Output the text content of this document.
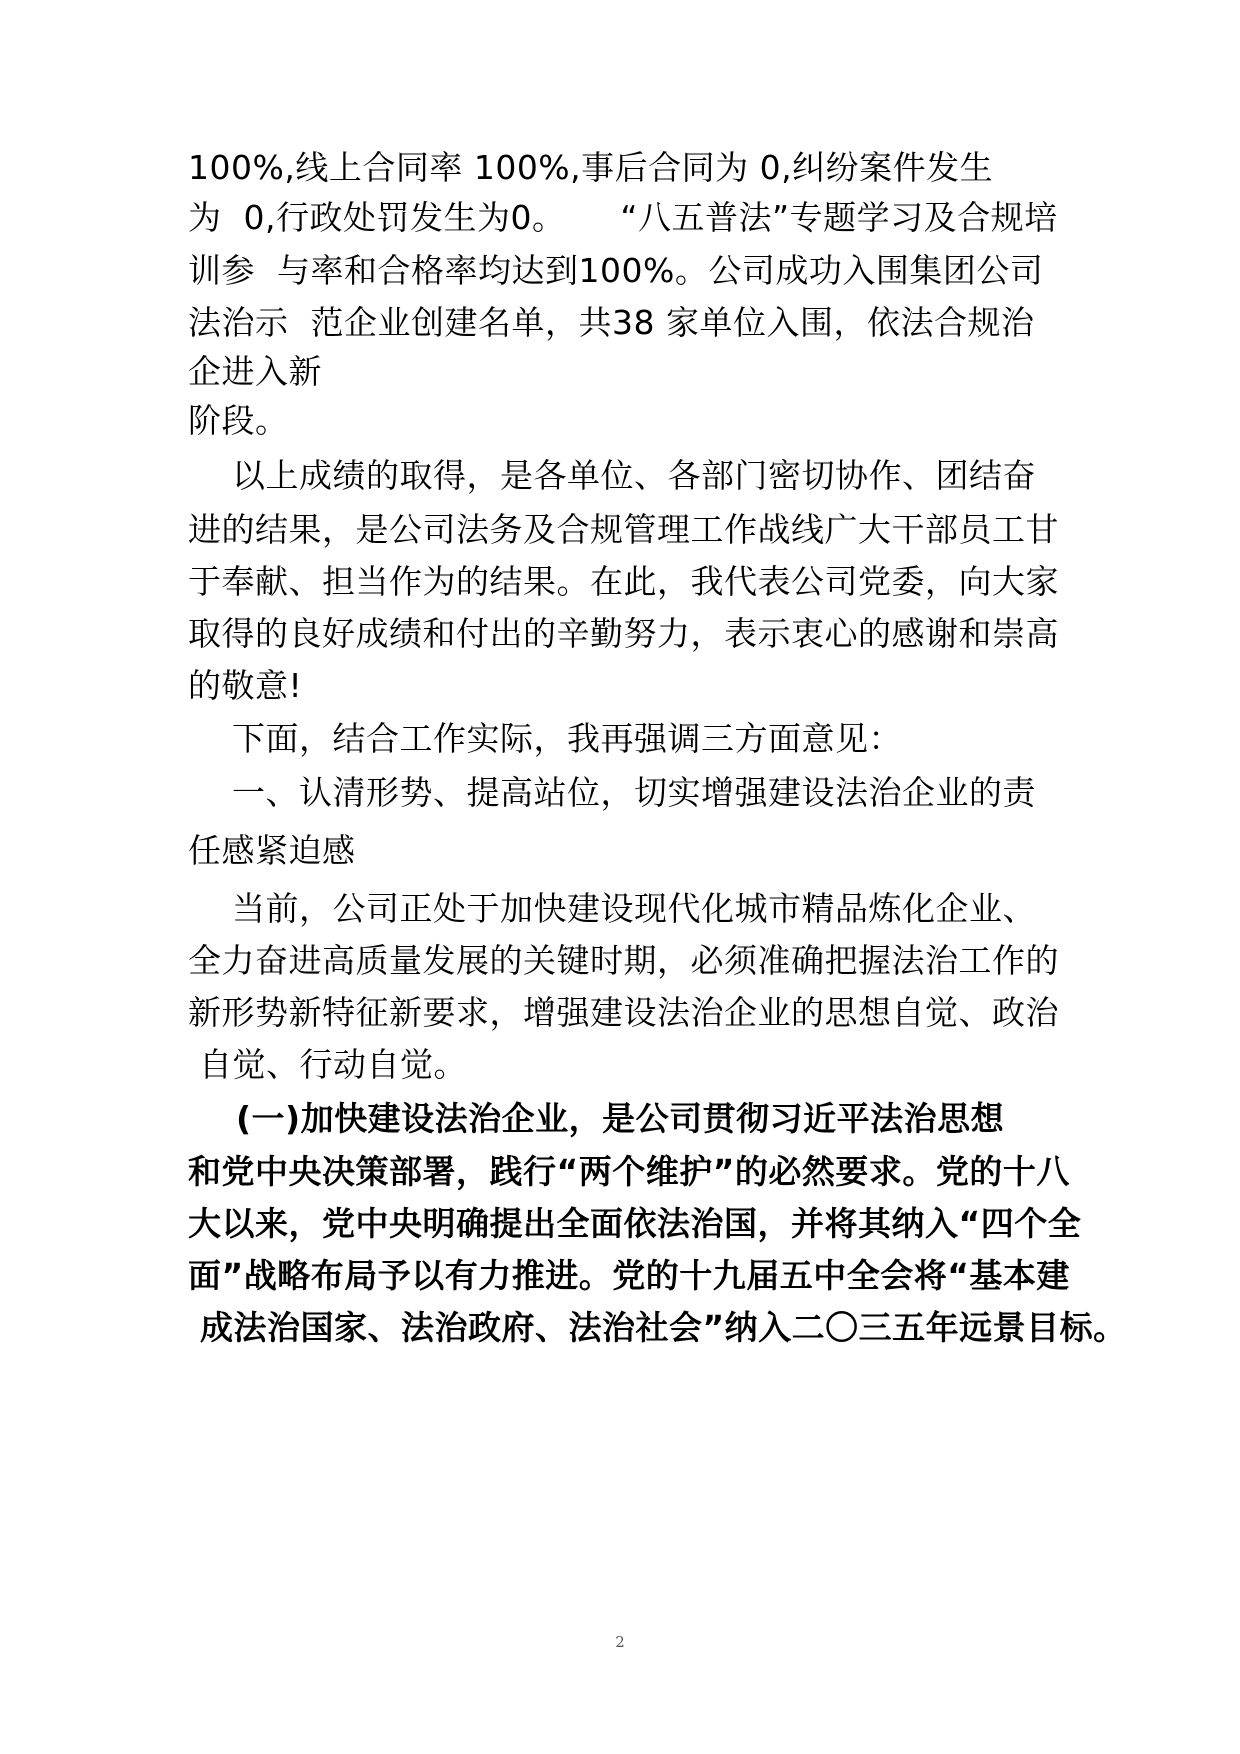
100%,线上合同率 100%,事后合同为 0,纠纷案件发生
为  0,行政处罚发生为0。     “八五普法”专题学习及合规培
训参  与率和合格率均达到100%。公司成功入围集团公司
法治示  范企业创建名单，共38 家单位入围，依法合规治
企进入新
阶段。
以上成绩的取得，是各单位、各部门密切协作、团结奋
进的结果，是公司法务及合规管理工作战线广大干部员工甘
于奉献、担当作为的结果。在此，我代表公司党委，向大家
取得的良好成绩和付出的辛勤努力，表示衷心的感谢和崇高
的敬意!
下面，结合工作实际，我再强调三方面意见：
一、认清形势、提高站位，切实增强建设法治企业的责
任感紧迫感
当前，公司正处于加快建设现代化城市精品炼化企业、
全力奋进高质量发展的关键时期，必须准确把握法治工作的
新形势新特征新要求，增强建设法治企业的思想自觉、政治
自觉、行动自觉。
(一)加快建设法治企业，是公司贯彻习近平法治思想
和党中央决策部署，践行“两个维护”的必然要求。党的十八
大以来，党中央明确提出全面依法治国，并将其纳入“四个全
面”战略布局予以有力推进。党的十九届五中全会将“基本建
成法治国家、法治政府、法治社会”纳入二〇三五年远景目标。
2
